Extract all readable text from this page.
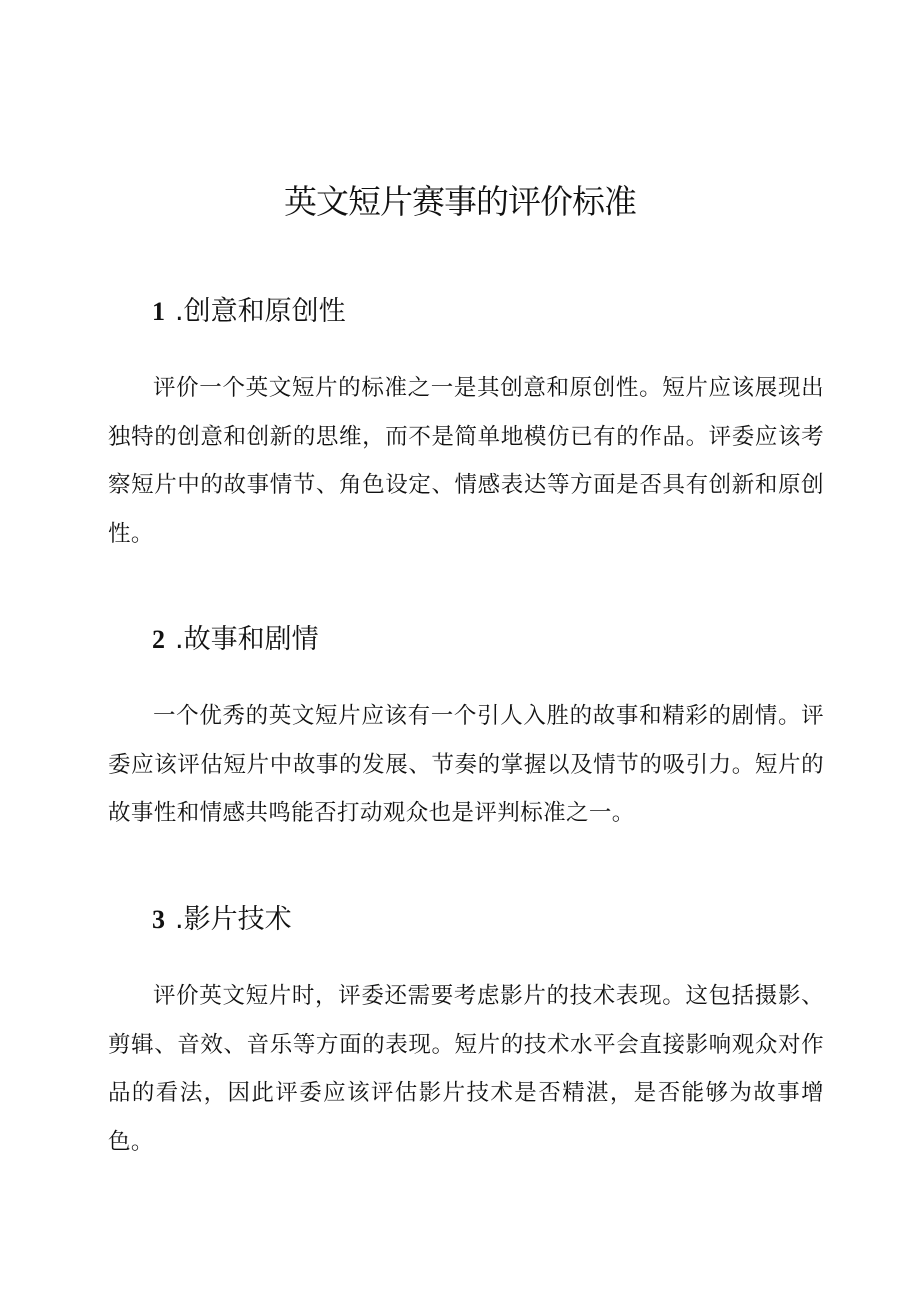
英文短片赛事的评价标准
1 .创意和原创性

评价一个英文短片的标准之一是其创意和原创性。短片应该展现出独特的创意和创新的思维，而不是简单地模仿已有的作品。评委应该考察短片中的故事情节、角色设定、情感表达等方面是否具有创新和原创性。

2 .故事和剧情

一个优秀的英文短片应该有一个引人入胜的故事和精彩的剧情。评委应该评估短片中故事的发展、节奏的掌握以及情节的吸引力。短片的故事性和情感共鸣能否打动观众也是评判标准之一。

3 .影片技术

评价英文短片时，评委还需要考虑影片的技术表现。这包括摄影、剪辑、音效、音乐等方面的表现。短片的技术水平会直接影响观众对作品的看法，因此评委应该评估影片技术是否精湛，是否能够为故事增色。
